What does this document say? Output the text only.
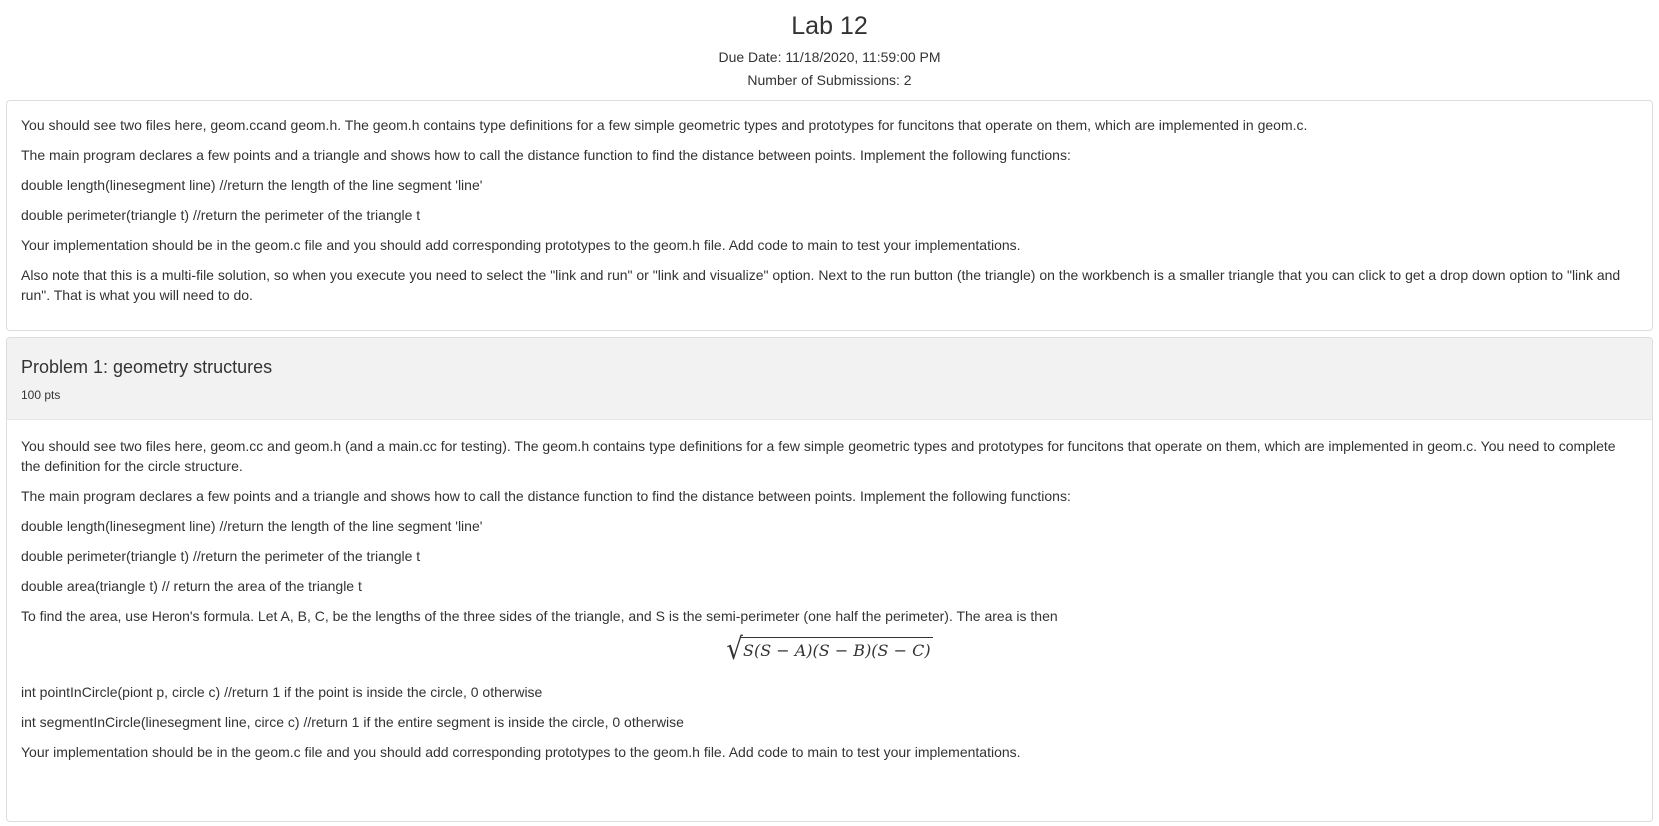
Lab 12
Due Date: 11/18/2020, 11:59:00 PM
Number of Submissions: 2

You should see two files here, geom.ccand geom.h. The geom.h contains type definitions for a few simple geometric types and prototypes for funcitons that operate on them, which are implemented in geom.c.

The main program declares a few points and a triangle and shows how to call the distance function to find the distance between points. Implement the following functions:

double length(linesegment line) //return the length of the line segment 'line'

double perimeter(triangle t) //return the perimeter of the triangle t

Your implementation should be in the geom.c file and you should add corresponding prototypes to the geom.h file. Add code to main to test your implementations.

Also note that this is a multi-file solution, so when you execute you need to select the "link and run" or "link and visualize" option. Next to the run button (the triangle) on the workbench is a smaller triangle that you can click to get a drop down option to "link and run". That is what you will need to do.

Problem 1: geometry structures
100 pts

You should see two files here, geom.cc and geom.h (and a main.cc for testing). The geom.h contains type definitions for a few simple geometric types and prototypes for funcitons that operate on them, which are implemented in geom.c. You need to complete the definition for the circle structure.

The main program declares a few points and a triangle and shows how to call the distance function to find the distance between points. Implement the following functions:

double length(linesegment line) //return the length of the line segment 'line'

double perimeter(triangle t) //return the perimeter of the triangle t

double area(triangle t) // return the area of the triangle t

To find the area, use Heron's formula. Let A, B, C, be the lengths of the three sides of the triangle, and S is the semi-perimeter (one half the perimeter). The area is then

√S(S − A)(S − B)(S − C)

int pointInCircle(piont p, circle c) //return 1 if the point is inside the circle, 0 otherwise

int segmentInCircle(linesegment line, circe c) //return 1 if the entire segment is inside the circle, 0 otherwise

Your implementation should be in the geom.c file and you should add corresponding prototypes to the geom.h file. Add code to main to test your implementations.
